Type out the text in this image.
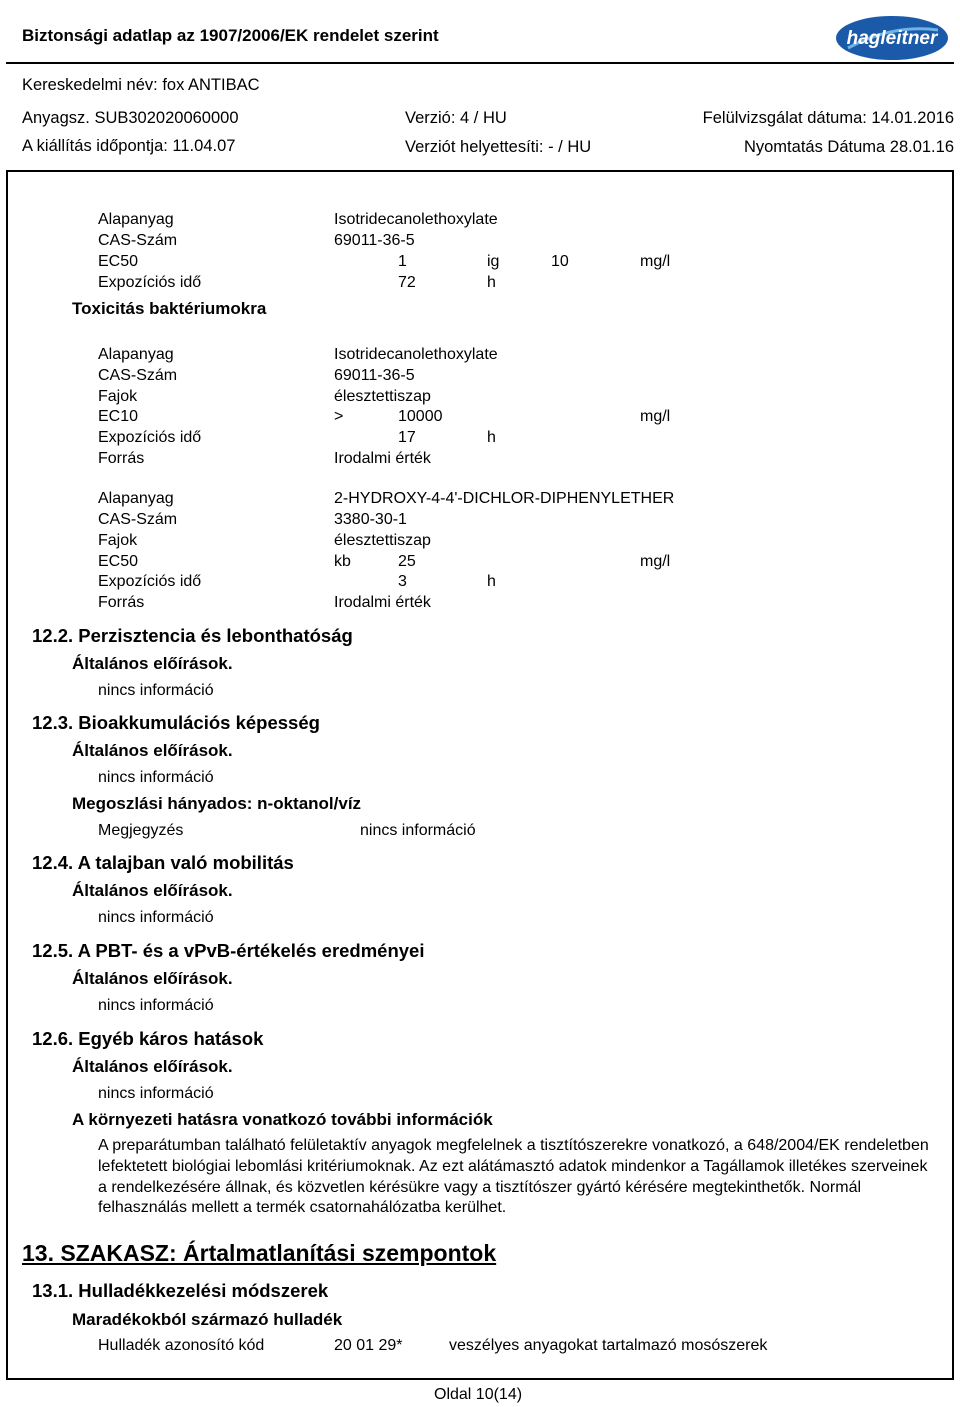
Biztonsági adatlap az 1907/2006/EK rendelet szerint	hagleitner
Kereskedelmi név: fox ANTIBAC
Anyagsz. SUB302020060000	Verzió: 4 / HU	Felülvizsgálat dátuma: 14.01.2016
A kiállítás időpontja: 11.04.07	Verziót helyettesíti: - / HU	Nyomtatás Dátuma 28.01.16
Alapanyag	Isotridecanolethoxylate
CAS-Szám	69011-36-5
EC50	1	ig	10	mg/l
Expozíciós idő	72	h
Toxicitás baktériumokra
Alapanyag	Isotridecanolethoxylate
CAS-Szám	69011-36-5
Fajok	élesztettiszap
EC10	>	10000	mg/l
Expozíciós idő	17	h
Forrás	Irodalmi érték
Alapanyag	2-HYDROXY-4-4'-DICHLOR-DIPHENYLETHER
CAS-Szám	3380-30-1
Fajok	élesztettiszap
EC50	kb	25	mg/l
Expozíciós idő	3	h
Forrás	Irodalmi érték
12.2. Perzisztencia és lebonthatóság
Általános előírások.
nincs információ
12.3. Bioakkumulációs képesség
Általános előírások.
nincs információ
Megoszlási hányados: n-oktanol/víz
Megjegyzés	nincs információ
12.4. A talajban való mobilitás
Általános előírások.
nincs információ
12.5. A PBT- és a vPvB-értékelés eredményei
Általános előírások.
nincs információ
12.6. Egyéb káros hatások
Általános előírások.
nincs információ
A környezeti hatásra vonatkozó további információk
A preparátumban található felületaktív anyagok megfelelnek a tisztítószerekre vonatkozó, a 648/2004/EK rendeletben lefektetett biológiai lebomlási kritériumoknak. Az ezt alátámasztó adatok mindenkor a Tagállamok illetékes szerveinek a rendelkezésére állnak, és közvetlen kérésükre vagy a tisztítószer gyártó kérésére megtekinthetők. Normál felhasználás mellett a termék csatornahálózatba kerülhet.
13. SZAKASZ: Ártalmatlanítási szempontok
13.1. Hulladékkezelési módszerek
Maradékokból származó hulladék
Hulladék azonosító kód	20 01 29*	veszélyes anyagokat tartalmazó mosószerek
Oldal 10(14)
